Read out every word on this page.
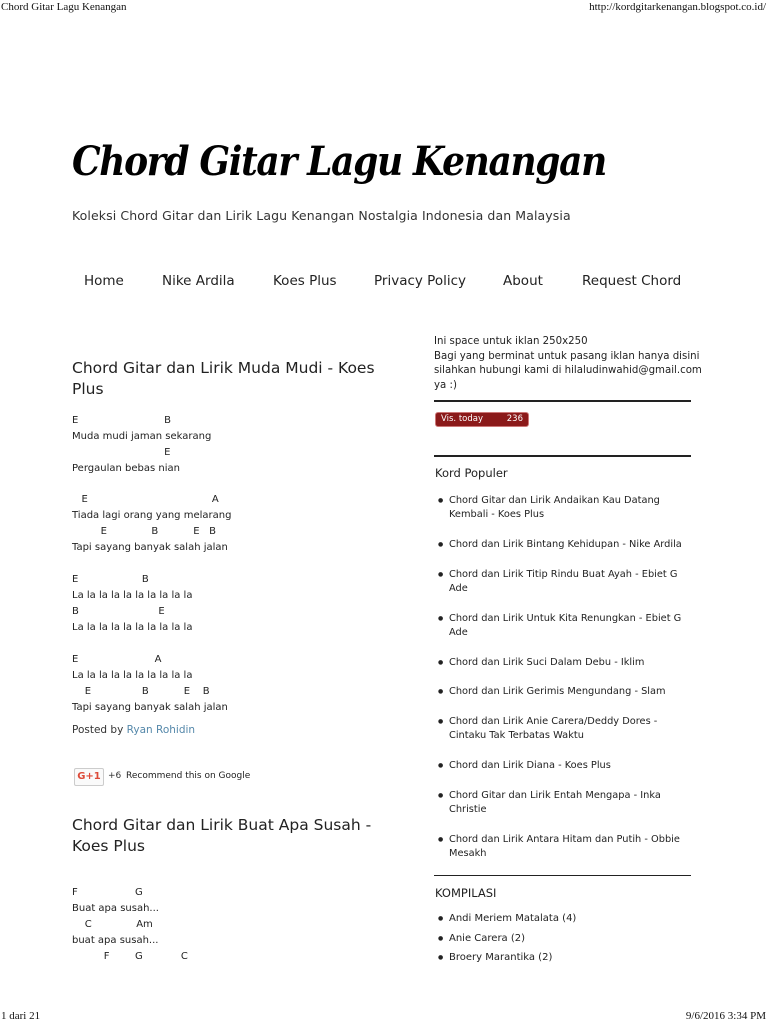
Chord Gitar Lagu Kenangan	http://kordgitarkenangan.blogspot.co.id/
Chord Gitar Lagu Kenangan
Koleksi Chord Gitar dan Lirik Lagu Kenangan Nostalgia Indonesia dan Malaysia
Home	Nike Ardila	Koes Plus	Privacy Policy	About	Request Chord
Chord Gitar dan Lirik Muda Mudi - Koes Plus
E                           B
Muda mudi jaman sekarang
E
Pergaulan bebas nian
E                                       A
Tiada lagi orang yang melarang
E              B           E   B
Tapi sayang banyak salah jalan
E                    B
La la la la la la la la la la
B                         E
La la la la la la la la la la
E                        A
La la la la la la la la la la
E                B           E    B
Tapi sayang banyak salah jalan
Posted by Ryan Rohidin
G+1 +6 Recommend this on Google
Chord Gitar dan Lirik Buat Apa Susah - Koes Plus
F                  G
Buat apa susah...
C              Am
buat apa susah...
F        G            C
Ini space untuk iklan 250x250
Bagi yang berminat untuk pasang iklan hanya disini silahkan hubungi kami di hilaludinwahid@gmail.com ya :)
Vis. today	236
Kord Populer
● Chord Gitar dan Lirik Andaikan Kau Datang Kembali - Koes Plus
● Chord dan Lirik Bintang Kehidupan - Nike Ardila
● Chord dan Lirik Titip Rindu Buat Ayah - Ebiet G Ade
● Chord dan Lirik Untuk Kita Renungkan - Ebiet G Ade
● Chord dan Lirik Suci Dalam Debu - Iklim
● Chord dan Lirik Gerimis Mengundang - Slam
● Chord dan Lirik Anie Carera/Deddy Dores - Cintaku Tak Terbatas Waktu
● Chord dan Lirik Diana - Koes Plus
● Chord Gitar dan Lirik Entah Mengapa - Inka Christie
● Chord dan Lirik Antara Hitam dan Putih - Obbie Mesakh
KOMPILASI
● Andi Meriem Matalata (4)
● Anie Carera (2)
● Broery Marantika (2)
1 dari 21	9/6/2016 3:34 PM
